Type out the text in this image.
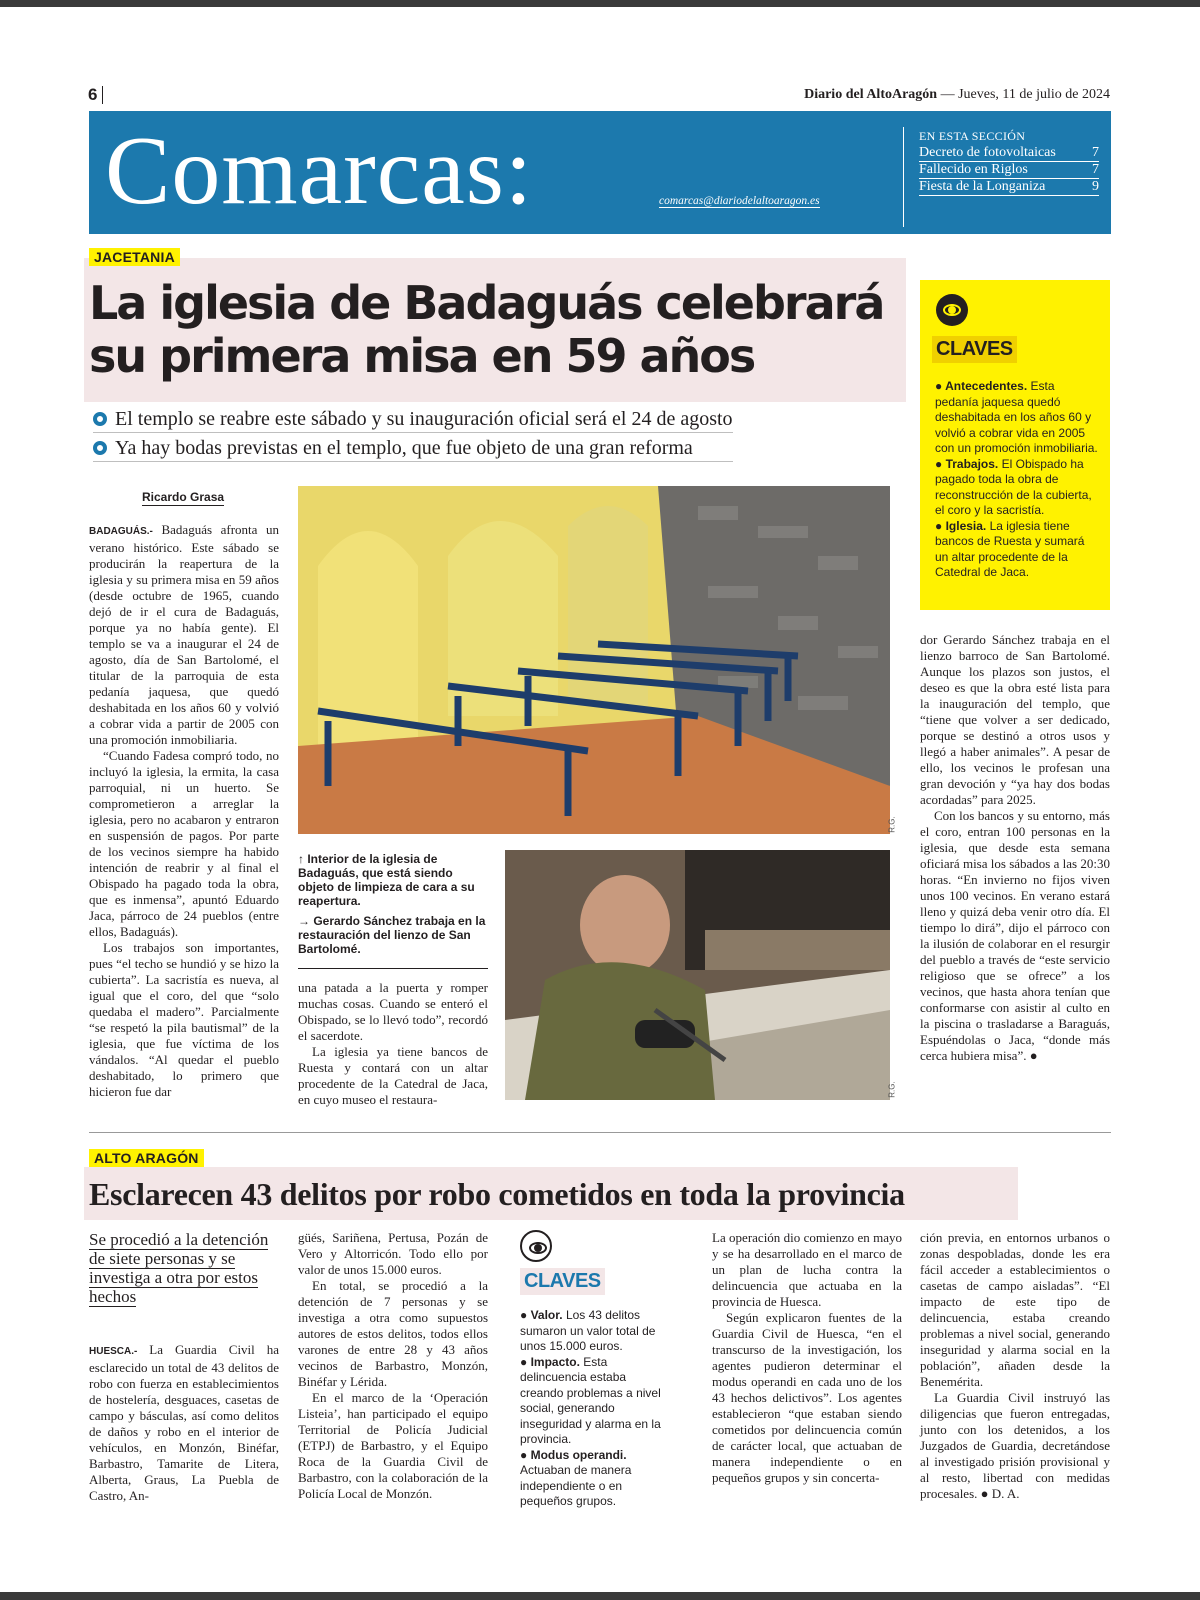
6	Diario del AltoAragón — Jueves, 11 de julio de 2024
Comarcas:	comarcas@diariodelaltoaragon.es
EN ESTA SECCIÓN
Decreto de fotovoltaicas	7
Fallecido en Riglos	7
Fiesta de la Longaniza	9
La iglesia de Badaguás celebrará
su primera misa en 59 años
JACETANIA
El templo se reabre este sábado y su inauguración oficial será el 24 de agosto
Ya hay bodas previstas en el templo, que fue objeto de una gran reforma
Ricardo Grasa

BADAGUÁS.- Badaguás afronta un verano histórico. Este sábado se producirán la reapertura de la iglesia y su primera misa en 59 años (desde octubre de 1965, cuando dejó de ir el cura de Badaguás, porque ya no había gente). El templo se va a inaugurar el 24 de agosto, día de San Bartolomé, el titular de la parroquia de esta pedanía jaquesa, que quedó deshabitada en los años 60 y volvió a cobrar vida a partir de 2005 con una promoción inmobiliaria.

“Cuando Fadesa compró todo, no incluyó la iglesia, la ermita, la casa parroquial, ni un huerto. Se comprometieron a arreglar la iglesia, pero no acabaron y entraron en suspensión de pagos. Por parte de los vecinos siempre ha habido intención de reabrir y al final el Obispado ha pagado toda la obra, que es inmensa”, apuntó Eduardo Jaca, párroco de 24 pueblos (entre ellos, Badaguás).

Los trabajos son importantes, pues “el techo se hundió y se hizo la cubierta”. La sacristía es nueva, al igual que el coro, del que “solo quedaba el madero”. Parcialmente “se respetó la pila bautismal” de la iglesia, que fue víctima de los vándalos. “Al quedar el pueblo deshabitado, lo primero que hicieron fue dar

R.G.
↑ Interior de la iglesia de Badaguás, que está siendo objeto de limpieza de cara a su reapertura.
→ Gerardo Sánchez trabaja en la restauración del lienzo de San Bartolomé.

una patada a la puerta y romper muchas cosas. Cuando se enteró el Obispado, se lo llevó todo”, recordó el sacerdote.

La iglesia ya tiene bancos de Ruesta y contará con un altar procedente de la Catedral de Jaca, en cuyo museo el restaura-

R.G.
CLAVES
● Antecedentes. Esta pedanía jaquesa quedó deshabitada en los años 60 y volvió a cobrar vida en 2005 con un promoción inmobiliaria.
● Trabajos. El Obispado ha pagado toda la obra de reconstrucción de la cubierta, el coro y la sacristía.
● Iglesia. La iglesia tiene bancos de Ruesta y sumará un altar procedente de la Catedral de Jaca.

dor Gerardo Sánchez trabaja en el lienzo barroco de San Bartolomé. Aunque los plazos son justos, el deseo es que la obra esté lista para la inauguración del templo, que “tiene que volver a ser dedicado, porque se destinó a otros usos y llegó a haber animales”. A pesar de ello, los vecinos le profesan una gran devoción y “ya hay dos bodas acordadas” para 2025.

Con los bancos y su entorno, más el coro, entran 100 personas en la iglesia, que desde esta semana oficiará misa los sábados a las 20:30 horas. “En invierno no fijos viven unos 100 vecinos. En verano estará lleno y quizá deba venir otro día. El tiempo lo dirá”, dijo el párroco con la ilusión de colaborar en el resurgir del pueblo a través de “este servicio religioso que se ofrece” a los vecinos, que hasta ahora tenían que conformarse con asistir al culto en la piscina o trasladarse a Baraguás, Espuéndolas o Jaca, “donde más cerca hubiera misa”. ●

Esclarecen 43 delitos por robo cometidos en toda la provincia
ALTO ARAGÓN
Se procedió a la detención de siete personas y se investiga a otra por estos hechos

HUESCA.- La Guardia Civil ha esclarecido un total de 43 delitos de robo con fuerza en establecimientos de hostelería, desguaces, casetas de campo y básculas, así como delitos de daños y robo en el interior de vehículos, en Monzón, Binéfar, Barbastro, Tamarite de Litera, Alberta, Graus, La Puebla de Castro, An-

güés, Sariñena, Pertusa, Pozán de Vero y Altorricón. Todo ello por valor de unos 15.000 euros.

En total, se procedió a la detención de 7 personas y se investiga a otra como supuestos autores de estos delitos, todos ellos varones de entre 28 y 43 años vecinos de Barbastro, Monzón, Binéfar y Lérida.

En el marco de la ‘Operación Listeia’, han participado el equipo Territorial de Policía Judicial (ETPJ) de Barbastro, y el Equipo Roca de la Guardia Civil de Barbastro, con la colaboración de la Policía Local de Monzón.

CLAVES
● Valor. Los 43 delitos sumaron un valor total de unos 15.000 euros.
● Impacto. Esta delincuencia estaba creando problemas a nivel social, generando inseguridad y alarma en la provincia.
● Modus operandi. Actuaban de manera independiente o en pequeños grupos.

La operación dio comienzo en mayo y se ha desarrollado en el marco de un plan de lucha contra la delincuencia que actuaba en la provincia de Huesca.

Según explicaron fuentes de la Guardia Civil de Huesca, “en el transcurso de la investigación, los agentes pudieron determinar el modus operandi en cada uno de los 43 hechos delictivos”. Los agentes establecieron “que estaban siendo cometidos por delincuencia común de carácter local, que actuaban de manera independiente o en pequeños grupos y sin concerta-

ción previa, en entornos urbanos o zonas despobladas, donde les era fácil acceder a establecimientos o casetas de campo aisladas”. “El impacto de este tipo de delincuencia, estaba creando problemas a nivel social, generando inseguridad y alarma social en la población”, añaden desde la Benemérita.

La Guardia Civil instruyó las diligencias que fueron entregadas, junto con los detenidos, a los Juzgados de Guardia, decretándose al investigado prisión provisional y al resto, libertad con medidas procesales. ● D. A.
